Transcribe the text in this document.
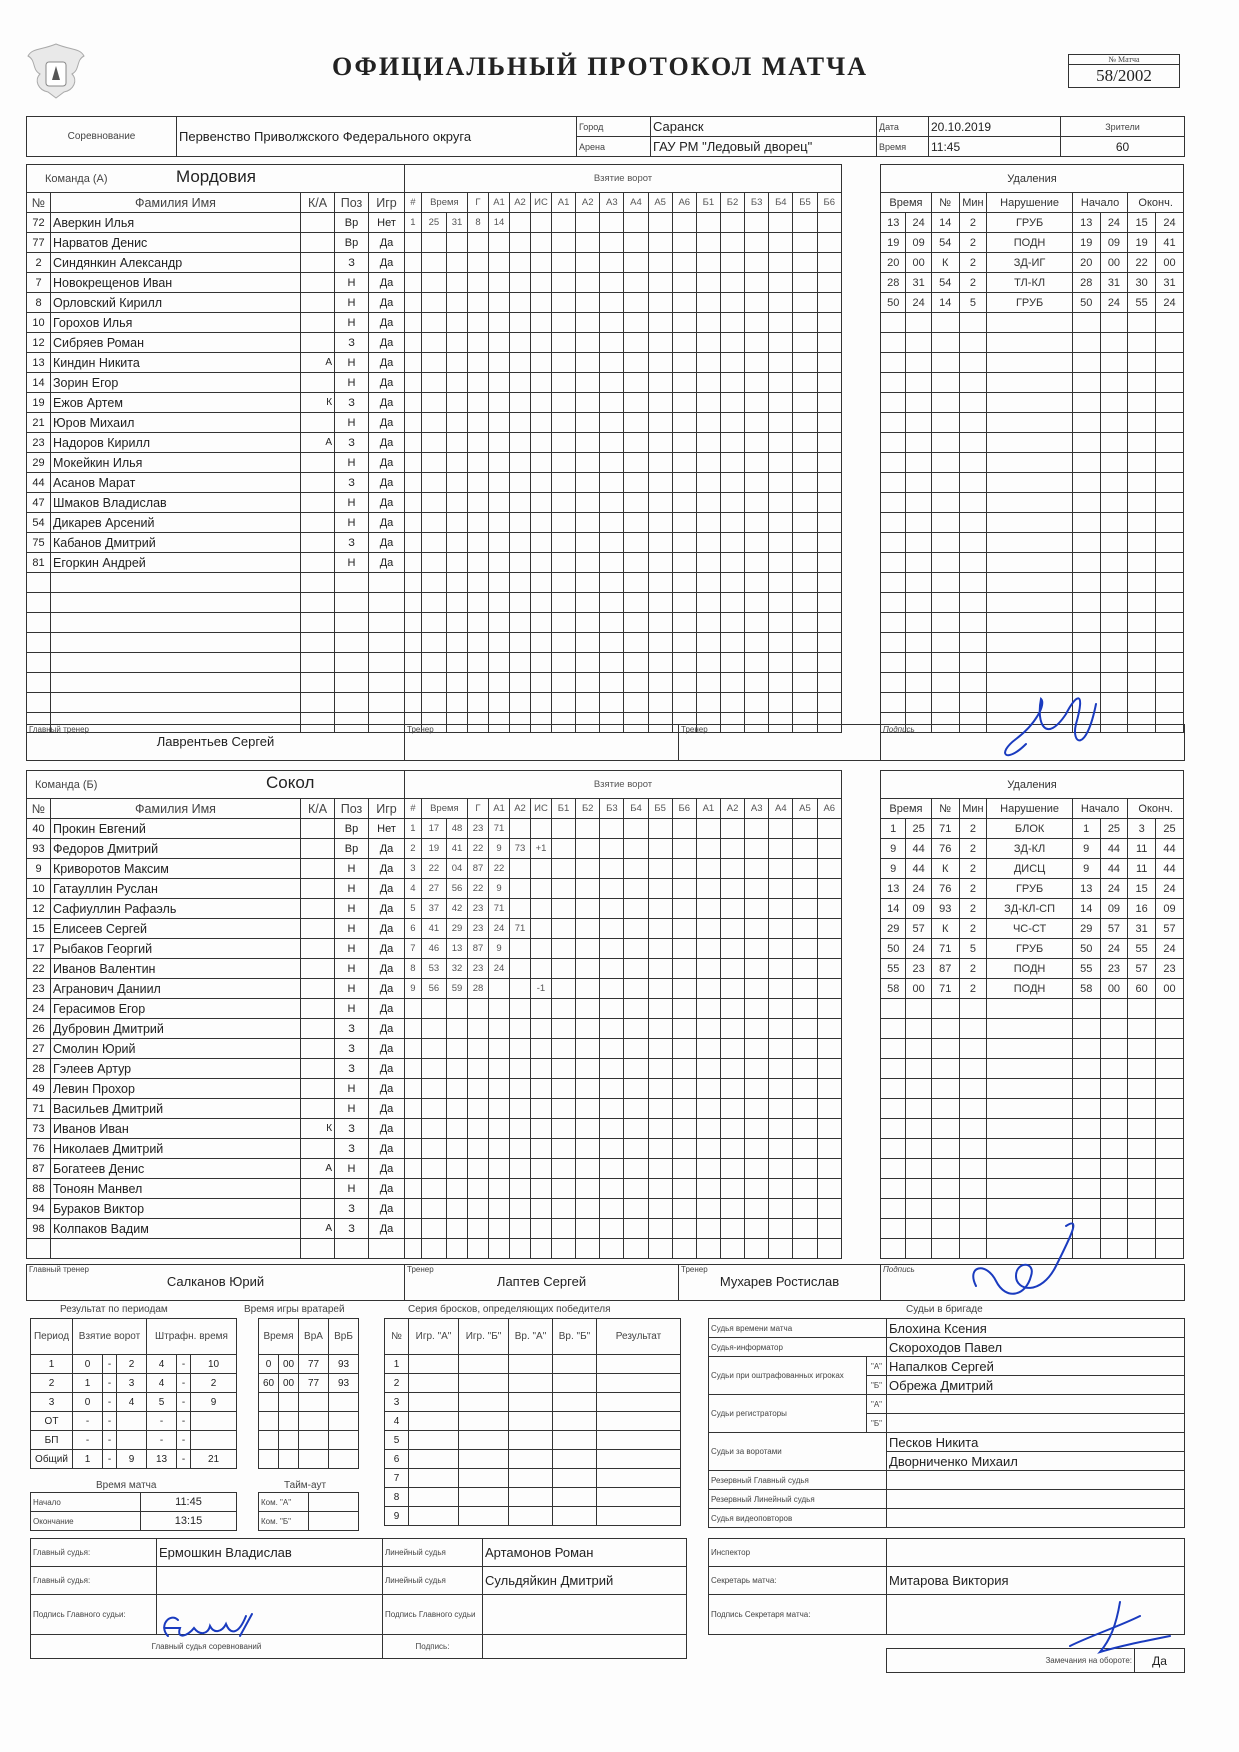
ОФИЦИАЛЬНЫЙ ПРОТОКОЛ МАТЧА	№ Матча
58/2002
Соревнование	Первенство Приволжского Федерального округа	Город	Саранск	Дата	20.10.2019	Зрители
		Арена	ГАУ РМ "Ледовый дворец"	Время	11:45	60
Команда (А)				
№	Фамилия Имя	К/А	Поз	Игр
72	Аверкин Илья		Вр	Нет
77	Нарватов Денис		Вр	Да
2	Синдянкин Александр		З	Да
7	Новокрещенов Иван		Н	Да
8	Орловский Кирилл		Н	Да
10	Горохов Илья		Н	Да
12	Сибряев Роман		З	Да
13	Киндин Никита	А	Н	Да
14	Зорин Егор		Н	Да
19	Ежов Артем	К	З	Да
21	Юров Михаил		Н	Да
23	Надоров Кирилл	А	З	Да
29	Мокейкин Илья		Н	Да
44	Асанов Марат		З	Да
47	Шмаков Владислав		Н	Да
54	Дикарев Арсений		Н	Да
75	Кабанов Дмитрий		З	Да
81	Егоркин Андрей		Н	Да

Мордовия	Взятие ворот																		
#	Время		Г	А1	А2	ИС	А1	А2	А3	А4	А5	А6	Б1	Б2	Б3	Б4	Б5	Б6
1	25	31	8	14														

Удаления								
Время		№	Мин	Нарушение	Начало		Оконч.	
13	24	14	2	ГРУБ	13	24	15	24
19	09	54	2	ПОДН	19	09	19	41
20	00	К	2	ЗД-ИГ	20	00	22	00
28	31	54	2	ТЛ-КЛ	28	31	30	31
50	24	14	5	ГРУБ	50	24	55	24

Главный тренер
Лаврентьев Сергей

Тренер	Тренер	Подпись
Команда (Б)				
№	Фамилия Имя	К/А	Поз	Игр
40	Прокин Евгений		Вр	Нет
93	Федоров Дмитрий		Вр	Да
9	Криворотов Максим		Н	Да
10	Гатауллин Руслан		Н	Да
12	Сафиуллин Рафаэль		Н	Да
15	Елисеев Сергей		Н	Да
17	Рыбаков Георгий		Н	Да
22	Иванов Валентин		Н	Да
23	Агранович Даниил		Н	Да
24	Герасимов Егор		Н	Да
26	Дубровин Дмитрий		З	Да
27	Смолин Юрий		З	Да
28	Гэлеев Артур		З	Да
49	Левин Прохор		Н	Да
71	Васильев Дмитрий		Н	Да
73	Иванов Иван	К	З	Да
76	Николаев Дмитрий		З	Да
87	Богатеев Денис	А	Н	Да
88	Тоноян Манвел		Н	Да
94	Бураков Виктор		З	Да
98	Колпаков Вадим	А	З	Да

Сокол	Взятие ворот																		
#	Время		Г	А1	А2	ИС	Б1	Б2	Б3	Б4	Б5	Б6	А1	А2	А3	А4	А5	А6
1	17	48	23	71														
2	19	41	22	9	73	+1												
3	22	04	87	22														
4	27	56	22	9														
5	37	42	23	71														
6	41	29	23	24	71													
7	46	13	87	9														
8	53	32	23	24														
9	56	59	28			-1												

Удаления								
Время		№	Мин	Нарушение	Начало		Оконч.	
1	25	71	2	БЛОК	1	25	3	25
9	44	76	2	ЗД-КЛ	9	44	11	44
9	44	К	2	ДИСЦ	9	44	11	44
13	24	76	2	ГРУБ	13	24	15	24
14	09	93	2	ЗД-КЛ-СП	14	09	16	09
29	57	К	2	ЧС-СТ	29	57	31	57
50	24	71	5	ГРУБ	50	24	55	24
55	23	87	2	ПОДН	55	23	57	23
58	00	71	2	ПОДН	58	00	60	00

Главный тренер
Салканов Юрий

Тренер
Лаптев Сергей

Тренер
Мухарев Ростислав

Подпись
Результат по периодам
Период	Взятие ворот			Штрафн. время		
1	0	-	2	4	-	10
2	1	-	3	4	-	2
3	0	-	4	5	-	9
ОТ	-	-		-	-	
БП	-	-		-	-	
Общий	1	-	9	13	-	21
Время игры вратарей
Время		ВрА	ВрБ
0	00	77	93
60	00	77	93

Серия бросков, определяющих победителя
№	Игр. "А"	Игр. "Б"	Вр. "А"	Вр. "Б"	Результат
1					
2					
3					
4					
5					
6					
7					
8					
9					
Время матча
Начало	11:45
Окончание	13:15
Тайм-аут
Ком. "А"	
Ком. "Б"	
Судьи в бригаде
Судья времени матча		Блохина Ксения
Судья-информатор		Скороходов Павел
Судьи при оштрафованных игроках	"А"	Напалков Сергей
	"Б"	Обрежа Дмитрий
Судьи регистраторы	"А"	
	"Б"	
Судьи за воротами		Песков Никита
		Дворниченко Михаил
Резервный Главный судья		
Резервный Линейный судья		
Судья видеоповторов		
Главный судья:	Ермошкин Владислав	Линейный судья	Артамонов Роман
Главный судья:		Линейный судья	Сульдяйкин Дмитрий
Подпись Главного судьи:		Подпись Главного судьи	
Главный судья соревнований		Подпись:	
Инспектор	
Секретарь матча:	Митарова Виктория
Подпись Секретаря матча:	
Замечания на обороте:	Да
